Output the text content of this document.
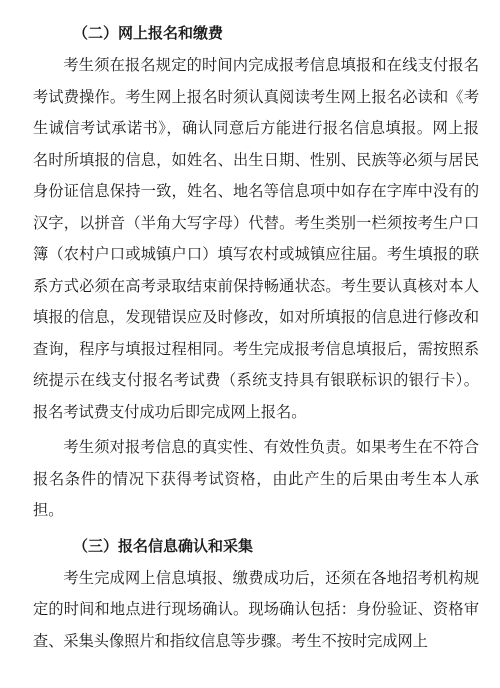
（二）网上报名和缴费

考生须在报名规定的时间内完成报考信息填报和在线支付报名考试费操作。考生网上报名时须认真阅读考生网上报名必读和《考生诚信考试承诺书》，确认同意后方能进行报名信息填报。网上报名时所填报的信息，如姓名、出生日期、性别、民族等必须与居民身份证信息保持一致，姓名、地名等信息项中如存在字库中没有的汉字，以拼音（半角大写字母）代替。考生类别一栏须按考生户口簿（农村户口或城镇户口）填写农村或城镇应往届。考生填报的联系方式必须在高考录取结束前保持畅通状态。考生要认真核对本人填报的信息，发现错误应及时修改，如对所填报的信息进行修改和查询，程序与填报过程相同。考生完成报考信息填报后，需按照系统提示在线支付报名考试费（系统支持具有银联标识的银行卡）。报名考试费支付成功后即完成网上报名。

考生须对报考信息的真实性、有效性负责。如果考生在不符合报名条件的情况下获得考试资格，由此产生的后果由考生本人承担。

（三）报名信息确认和采集

考生完成网上信息填报、缴费成功后，还须在各地招考机构规定的时间和地点进行现场确认。现场确认包括：身份验证、资格审查、采集头像照片和指纹信息等步骤。考生不按时完成网上
